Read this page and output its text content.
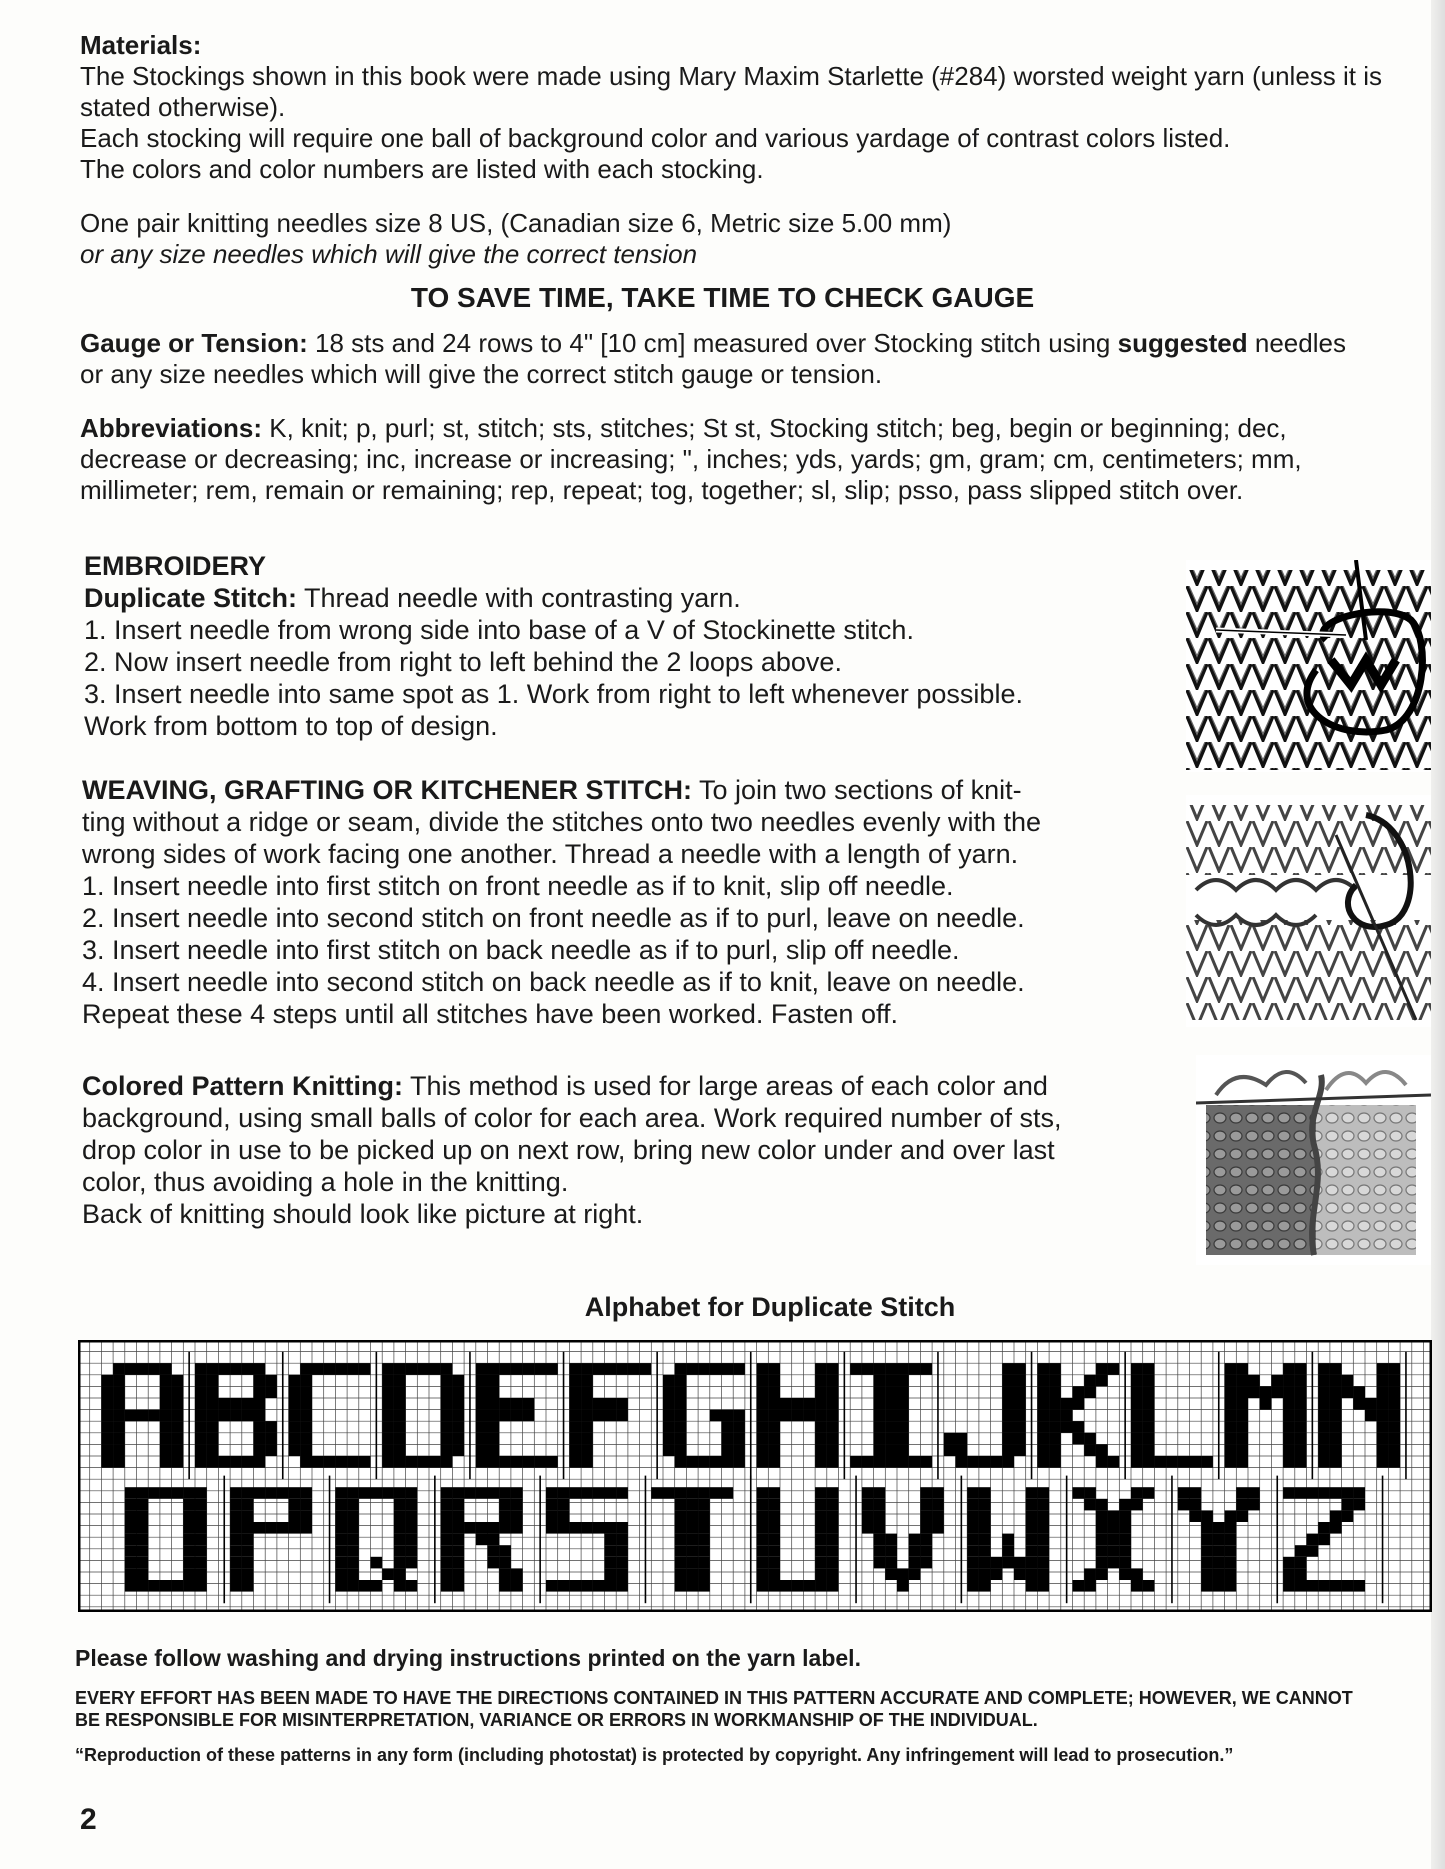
Materials:
The Stockings shown in this book were made using Mary Maxim Starlette (#284) worsted weight yarn (unless it is
stated otherwise).
Each stocking will require one ball of background color and various yardage of contrast colors listed.
The colors and color numbers are listed with each stocking.
One pair knitting needles size 8 US, (Canadian size 6, Metric size 5.00 mm)
or any size needles which will give the correct tension
TO SAVE TIME, TAKE TIME TO CHECK GAUGE
Gauge or Tension: 18 sts and 24 rows to 4" [10 cm] measured over Stocking stitch using suggested needles
or any size needles which will give the correct stitch gauge or tension.
Abbreviations: K, knit; p, purl; st, stitch; sts, stitches; St st, Stocking stitch; beg, begin or beginning; dec,
decrease or decreasing; inc, increase or increasing; ", inches; yds, yards; gm, gram; cm, centimeters; mm,
millimeter; rem, remain or remaining; rep, repeat; tog, together; sl, slip; psso, pass slipped stitch over.
EMBROIDERY
Duplicate Stitch: Thread needle with contrasting yarn.
1. Insert needle from wrong side into base of a V of Stockinette stitch.
2. Now insert needle from right to left behind the 2 loops above.
3. Insert needle into same spot as 1. Work from right to left whenever possible.
Work from bottom to top of design.
WEAVING, GRAFTING OR KITCHENER STITCH: To join two sections of knit-
ting without a ridge or seam, divide the stitches onto two needles evenly with the
wrong sides of work facing one another. Thread a needle with a length of yarn.
1. Insert needle into first stitch on front needle as if to knit, slip off needle.
2. Insert needle into second stitch on front needle as if to purl, leave on needle.
3. Insert needle into first stitch on back needle as if to purl, slip off needle.
4. Insert needle into second stitch on back needle as if to knit, leave on needle.
Repeat these 4 steps until all stitches have been worked. Fasten off.
Colored Pattern Knitting: This method is used for large areas of each color and
background, using small balls of color for each area. Work required number of sts,
drop color in use to be picked up on next row, bring new color under and over last
color, thus avoiding a hole in the knitting.
Back of knitting should look like picture at right.
Alphabet for Duplicate Stitch
Please follow washing and drying instructions printed on the yarn label.
EVERY EFFORT HAS BEEN MADE TO HAVE THE DIRECTIONS CONTAINED IN THIS PATTERN ACCURATE AND COMPLETE; HOWEVER, WE CANNOT
BE RESPONSIBLE FOR MISINTERPRETATION, VARIANCE OR ERRORS IN WORKMANSHIP OF THE INDIVIDUAL.
“Reproduction of these patterns in any form (including photostat) is protected by copyright. Any infringement will lead to prosecution.”
2
